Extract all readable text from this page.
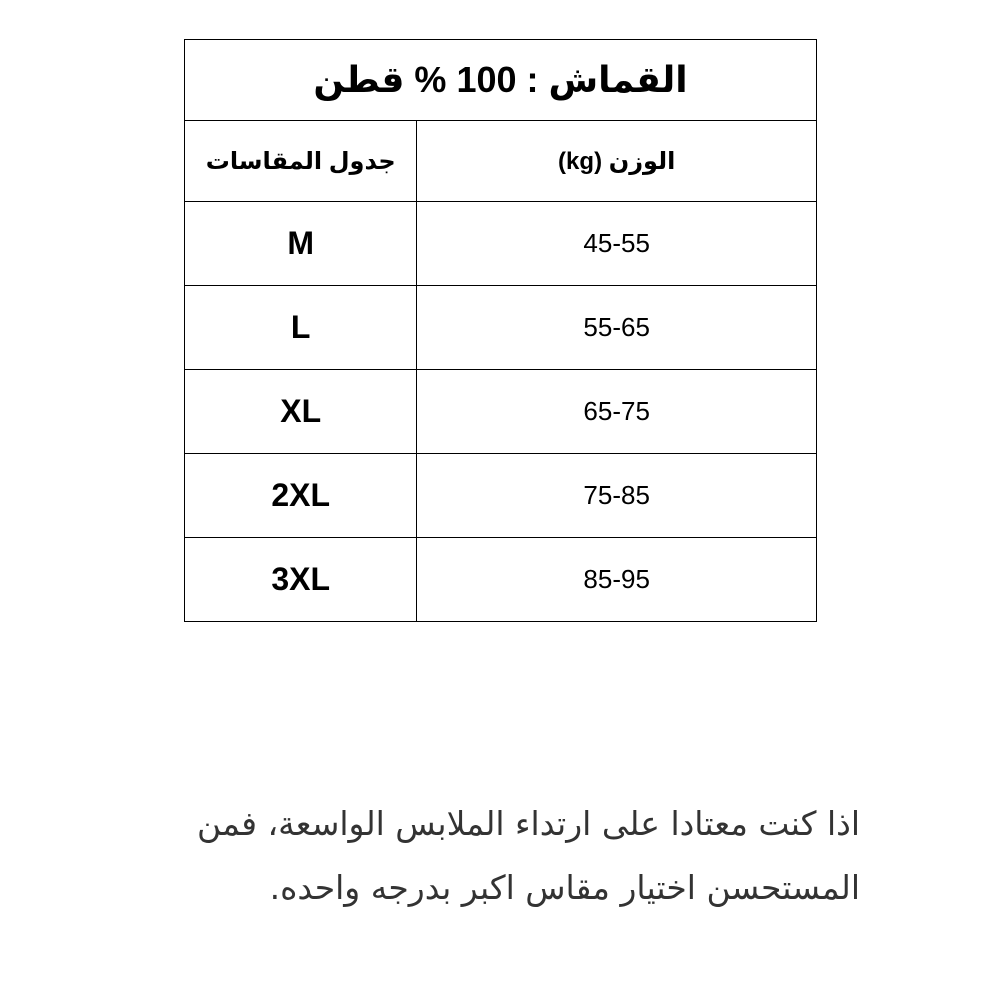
القماش : 100 % قطن	
جدول المقاسات	الوزن (kg)
M	45-55
L	55-65
XL	65-75
2XL	75-85
3XL	85-95
اذا كنت معتادا على ارتداء الملابس الواسعة، فمن المستحسن اختيار مقاس اكبر بدرجه واحده.
